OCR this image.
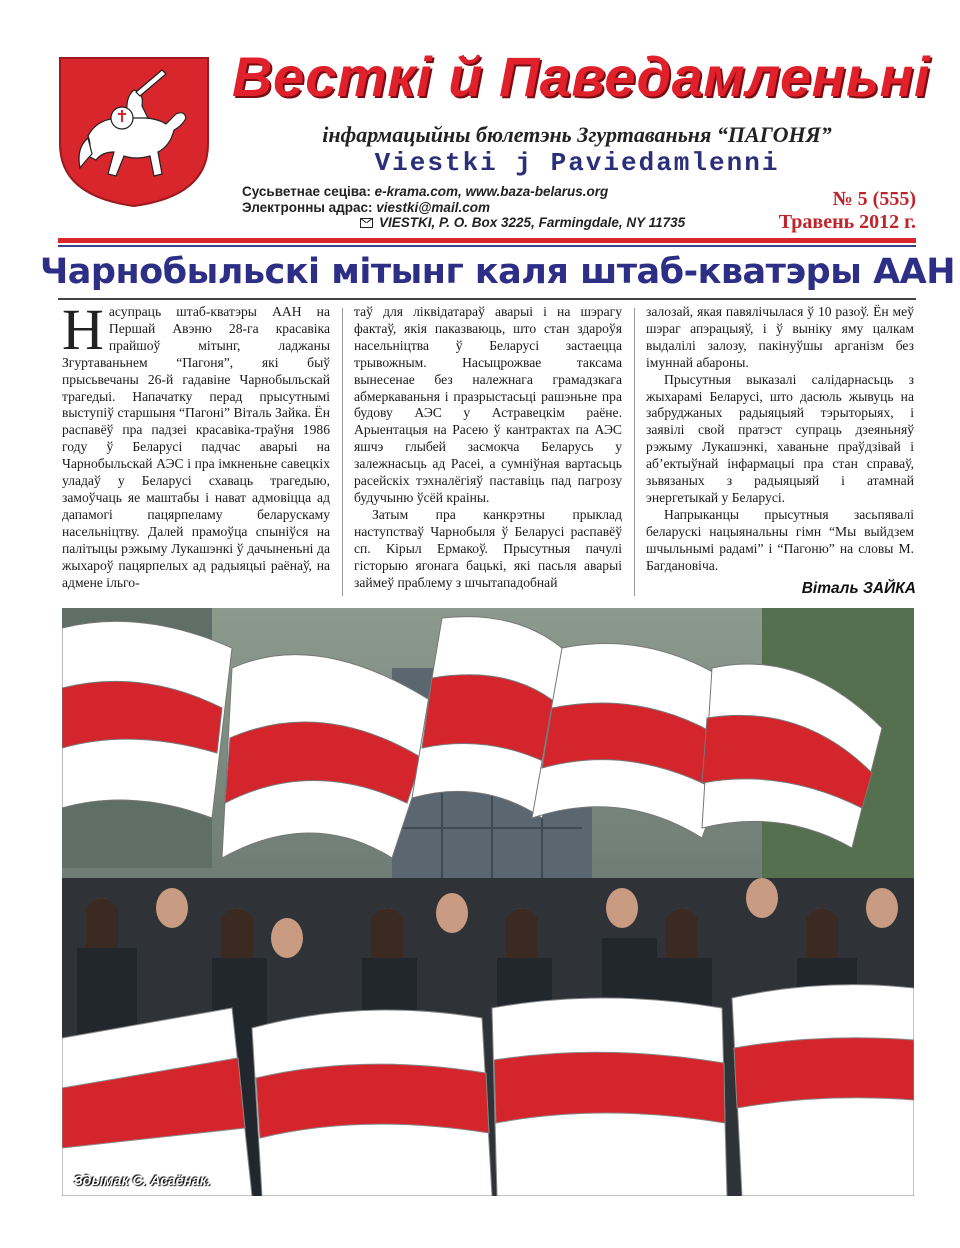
Весткі й Паведамленьні
інфармацыйны бюлетэнь Згуртаваньня “ПАГОНЯ”
Viestki j Paviedamlenni
Сусьветнае сеціва: e-krama.com, www.baza-belarus.org
Электронны адрас: viestki@mail.com
VIESTKI, P. O. Box 3225, Farmingdale, NY 11735
№ 5 (555)
Травень 2012 г.
Чарнобыльскі мітынг каля штаб-кватэры ААН

Насупраць штаб-кватэры ААН на Першай Авэню 28-га красавіка прайшоў мітынг, ладжаны Згуртаваньнем “Пагоня”, які быў прысьвечаны 26-й гадавіне Чарнобыльскай трагедыі. Напачатку перад прысутнымі выступіў старшыня “Пагоні” Віталь Зайка. Ён распавёў пра падзеі красавіка-траўня 1986 году ў Беларусі падчас аварыі на Чарнобыльскай АЭС і пра імкненьне савецкіх уладаў у Беларусі схаваць трагедыю, замоўчаць яе маштабы і нават адмовіцца ад дапамогі пацярпеламу беларускаму насельніцтву. Далей прамоўца спыніўся на палітыцы рэжыму Лукашэнкі ў дачыненьні да жыхароў пацярпелых ад радыяцыі раёнаў, на адмене ільго-

таў для ліквідатараў аварыі і на шэрагу фактаў, якія паказваюць, што стан здароўя насельніцтва ў Беларусі застаецца трывожным. Насыцрожвае таксама вынесенае без належнага грамадзкага абмеркаваньня і празрыстасьці рашэньне пра будову АЭС у Астравецкім раёне. Арыентацыя на Расею ў кантрактах па АЭС яшчэ глыбей засмокча Беларусь у залежнасьць ад Расеі, а сумнiўная вартасьць расейскіх тэхналёгіяў паставіць пад пагрозу будучыню ўсёй краіны.

Затым пра канкрэтны прыклад наступстваў Чарнобыля ў Беларусі распавёў сп. Кірыл Ермакоў. Прысутныя пачулі гісторыю ягонага бацькі, які пасьля аварыі займеў праблему з шчытападобнай

залозай, якая павялічылася ў 10 разоў. Ён меў шэраг апэрацыяў, і ў выніку яму цалкам выдалілі залозу, пакінуўшы арганізм без імуннай абароны.

Прысутныя выказалі салідарнасьць з жыхарамі Беларусі, што дасюль жывуць на забруджаных радыяцыяй тэрыторыях, і заявілі свой пратэст супраць дзеяньняў рэжыму Лукашэнкі, хаваньне праўдзівай і аб’ектыўнай інфармацыі пра стан справаў, зьвязаных з радыяцыяй і атамнай энергетыкай у Беларусі.

Напрыканцы прысутныя засьпявалі беларускі нацыянальны гімн “Мы выйдзем шчыльнымі радамі” і “Пагоню” на словы М. Багдановіча.

Віталь ЗАЙКА
Здымак С. Асаёнак.
